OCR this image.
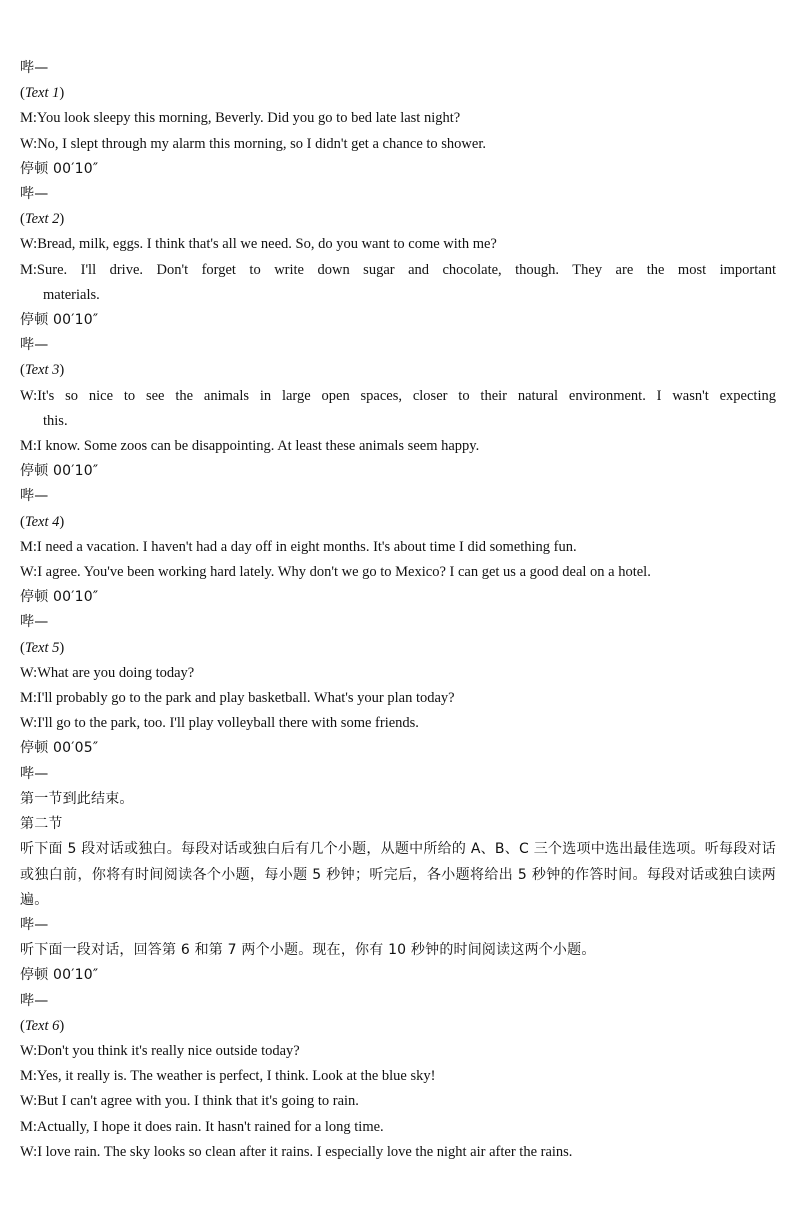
哔—
(Text 1)
M:You look sleepy this morning, Beverly. Did you go to bed late last night?
W:No, I slept through my alarm this morning, so I didn't get a chance to shower.
停顿 00′10″
哔—
(Text 2)
W:Bread, milk, eggs. I think that's all we need. So, do you want to come with me?
M:Sure. I'll drive. Don't forget to write down sugar and chocolate, though. They are the most important
materials.
停顿 00′10″
哔—
(Text 3)
W:It's so nice to see the animals in large open spaces, closer to their natural environment. I wasn't expecting
this.
M:I know. Some zoos can be disappointing. At least these animals seem happy.
停顿 00′10″
哔—
(Text 4)
M:I need a vacation. I haven't had a day off in eight months. It's about time I did something fun.
W:I agree. You've been working hard lately. Why don't we go to Mexico? I can get us a good deal on a hotel.
停顿 00′10″
哔—
(Text 5)
W:What are you doing today?
M:I'll probably go to the park and play basketball. What's your plan today?
W:I'll go to the park, too. I'll play volleyball there with some friends.
停顿 00′05″
哔—
第一节到此结束。
第二节
听下面 5 段对话或独白。每段对话或独白后有几个小题，从题中所给的 A、B、C 三个选项中选出最佳选项。听每段对话或独白前，你将有时间阅读各个小题，每小题 5 秒钟；听完后，各小题将给出 5 秒钟的作答时间。每段对话或独白读两遍。
哔—
听下面一段对话，回答第 6 和第 7 两个小题。现在，你有 10 秒钟的时间阅读这两个小题。
停顿 00′10″
哔—
(Text 6)
W:Don't you think it's really nice outside today?
M:Yes, it really is. The weather is perfect, I think. Look at the blue sky!
W:But I can't agree with you. I think that it's going to rain.
M:Actually, I hope it does rain. It hasn't rained for a long time.
W:I love rain. The sky looks so clean after it rains. I especially love the night air after the rains.
